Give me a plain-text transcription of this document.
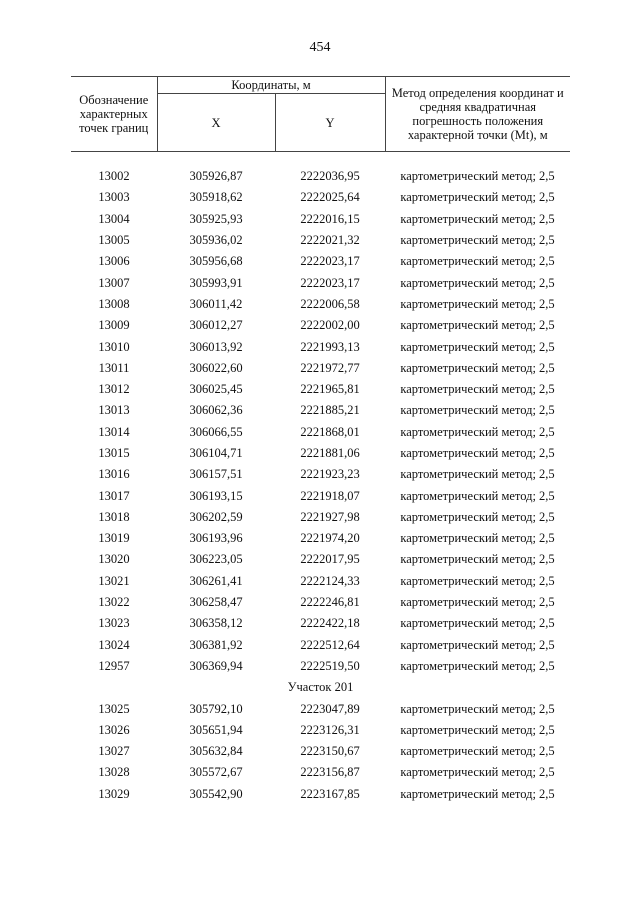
454
Обозначение характерных точек границ	Координаты, м		Метод определения координат и средняя квадратичная погрешность положения характерной точки (Mt), м
	X	Y	
13002	305926,87	2222036,95	картометрический метод; 2,5
13003	305918,62	2222025,64	картометрический метод; 2,5
13004	305925,93	2222016,15	картометрический метод; 2,5
13005	305936,02	2222021,32	картометрический метод; 2,5
13006	305956,68	2222023,17	картометрический метод; 2,5
13007	305993,91	2222023,17	картометрический метод; 2,5
13008	306011,42	2222006,58	картометрический метод; 2,5
13009	306012,27	2222002,00	картометрический метод; 2,5
13010	306013,92	2221993,13	картометрический метод; 2,5
13011	306022,60	2221972,77	картометрический метод; 2,5
13012	306025,45	2221965,81	картометрический метод; 2,5
13013	306062,36	2221885,21	картометрический метод; 2,5
13014	306066,55	2221868,01	картометрический метод; 2,5
13015	306104,71	2221881,06	картометрический метод; 2,5
13016	306157,51	2221923,23	картометрический метод; 2,5
13017	306193,15	2221918,07	картометрический метод; 2,5
13018	306202,59	2221927,98	картометрический метод; 2,5
13019	306193,96	2221974,20	картометрический метод; 2,5
13020	306223,05	2222017,95	картометрический метод; 2,5
13021	306261,41	2222124,33	картометрический метод; 2,5
13022	306258,47	2222246,81	картометрический метод; 2,5
13023	306358,12	2222422,18	картометрический метод; 2,5
13024	306381,92	2222512,64	картометрический метод; 2,5
12957	306369,94	2222519,50	картометрический метод; 2,5
Участок 201			
13025	305792,10	2223047,89	картометрический метод; 2,5
13026	305651,94	2223126,31	картометрический метод; 2,5
13027	305632,84	2223150,67	картометрический метод; 2,5
13028	305572,67	2223156,87	картометрический метод; 2,5
13029	305542,90	2223167,85	картометрический метод; 2,5
